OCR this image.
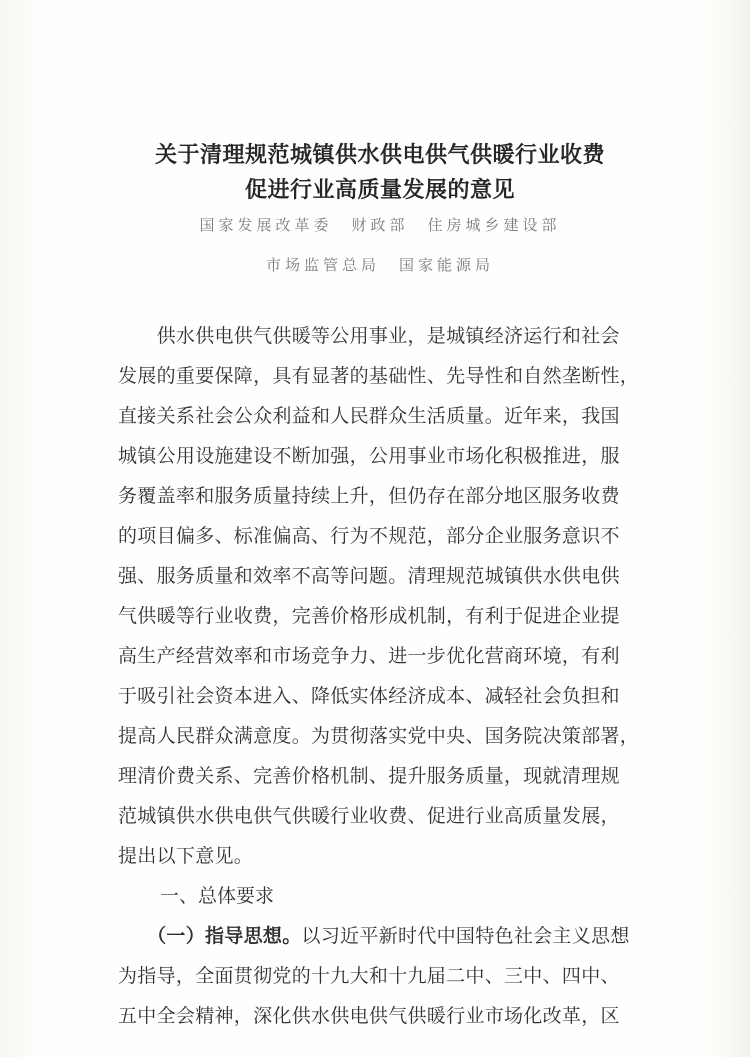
关于清理规范城镇供水供电供气供暖行业收费
促进行业高质量发展的意见
国家发展改革委　财政部　住房城乡建设部
市场监管总局　国家能源局
　　供水供电供气供暖等公用事业，是城镇经济运行和社会
发展的重要保障，具有显著的基础性、先导性和自然垄断性，
直接关系社会公众利益和人民群众生活质量。近年来，我国
城镇公用设施建设不断加强，公用事业市场化积极推进，服
务覆盖率和服务质量持续上升，但仍存在部分地区服务收费
的项目偏多、标准偏高、行为不规范，部分企业服务意识不
强、服务质量和效率不高等问题。清理规范城镇供水供电供
气供暖等行业收费，完善价格形成机制，有利于促进企业提
高生产经营效率和市场竞争力、进一步优化营商环境，有利
于吸引社会资本进入、降低实体经济成本、减轻社会负担和
提高人民群众满意度。为贯彻落实党中央、国务院决策部署，
理清价费关系、完善价格机制、提升服务质量，现就清理规
范城镇供水供电供气供暖行业收费、促进行业高质量发展，
提出以下意见。
一、总体要求
　　（一）指导思想。以习近平新时代中国特色社会主义思想
为指导，全面贯彻党的十九大和十九届二中、三中、四中、
五中全会精神，深化供水供电供气供暖行业市场化改革，区
